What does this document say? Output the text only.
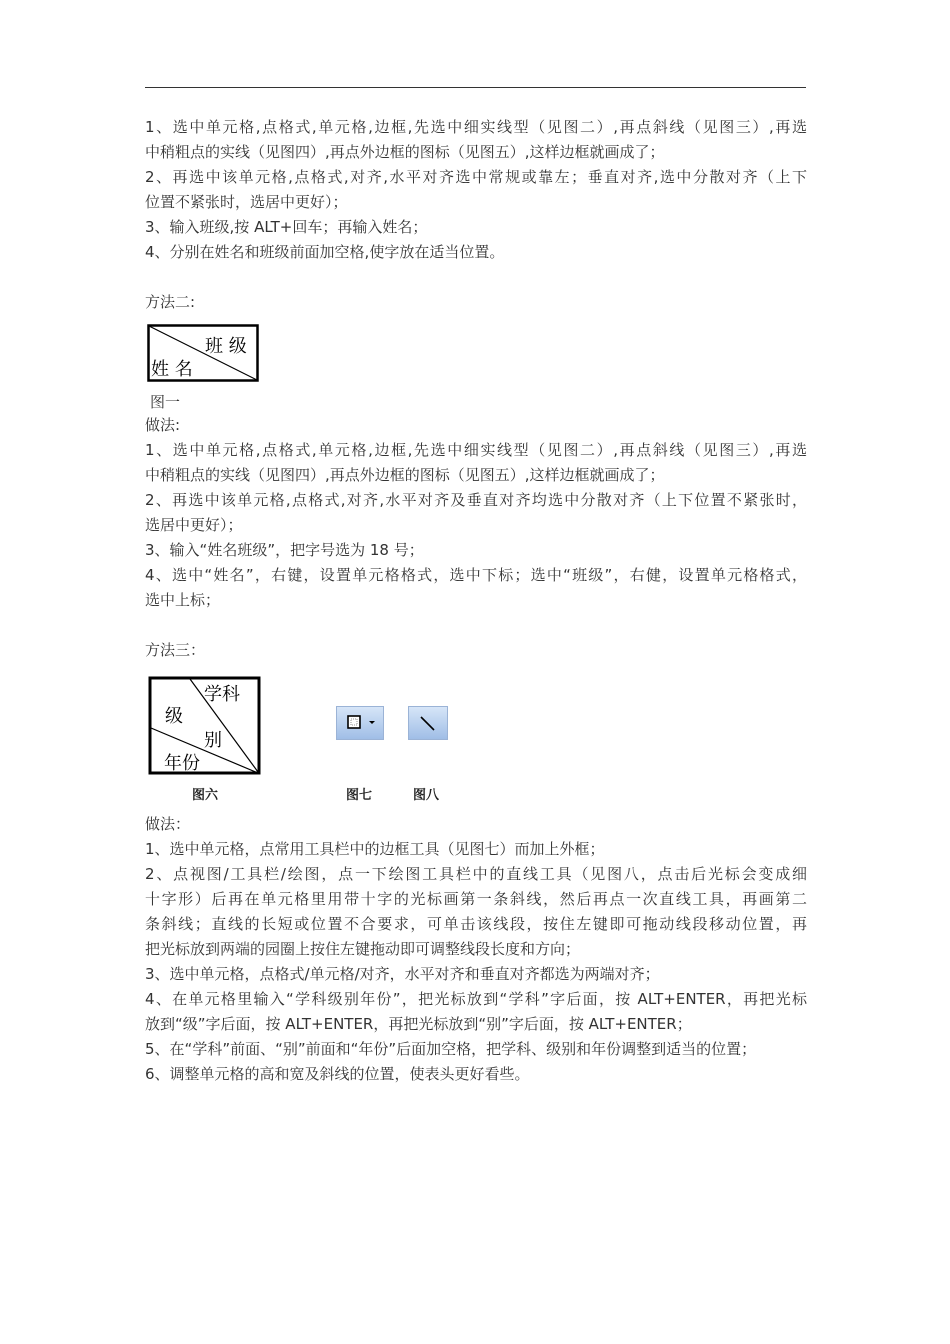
1、选中单元格,点格式,单元格,边框,先选中细实线型（见图二）,再点斜线（见图三）,再选

中稍粗点的实线（见图四）,再点外边框的图标（见图五）,这样边框就画成了；

2、再选中该单元格,点格式,对齐,水平对齐选中常规或靠左；垂直对齐,选中分散对齐（上下

位置不紧张时，选居中更好）；

3、输入班级,按 ALT+回车；再输入姓名；

4、分别在姓名和班级前面加空格,使字放在适当位置。

方法二:

班 级
姓 名

图一

做法:

1、选中单元格,点格式,单元格,边框,先选中细实线型（见图二）,再点斜线（见图三）,再选

中稍粗点的实线（见图四）,再点外边框的图标（见图五）,这样边框就画成了；

2、再选中该单元格,点格式,对齐,水平对齐及垂直对齐均选中分散对齐（上下位置不紧张时，

选居中更好）；

3、输入“姓名班级”，把字号选为 18 号；

4、选中“姓名”，右键，设置单元格格式，选中下标；选中“班级”，右健，设置单元格格式，

选中上标；

方法三：

学科
级
别
年份
图六	图七	图八

做法：

1、选中单元格，点常用工具栏中的边框工具（见图七）而加上外框；

2、点视图/工具栏/绘图，点一下绘图工具栏中的直线工具（见图八，点击后光标会变成细

十字形）后再在单元格里用带十字的光标画第一条斜线，然后再点一次直线工具，再画第二

条斜线；直线的长短或位置不合要求，可单击该线段，按住左键即可拖动线段移动位置，再

把光标放到两端的园圈上按住左键拖动即可调整线段长度和方向；

3、选中单元格，点格式/单元格/对齐，水平对齐和垂直对齐都选为两端对齐；

4、在单元格里输入“学科级别年份”，把光标放到“学科”字后面，按 ALT+ENTER，再把光标

放到“级”字后面，按 ALT+ENTER，再把光标放到“别”字后面，按 ALT+ENTER；

5、在“学科”前面、“别”前面和“年份”后面加空格，把学科、级别和年份调整到适当的位置；

6、调整单元格的高和宽及斜线的位置，使表头更好看些。
